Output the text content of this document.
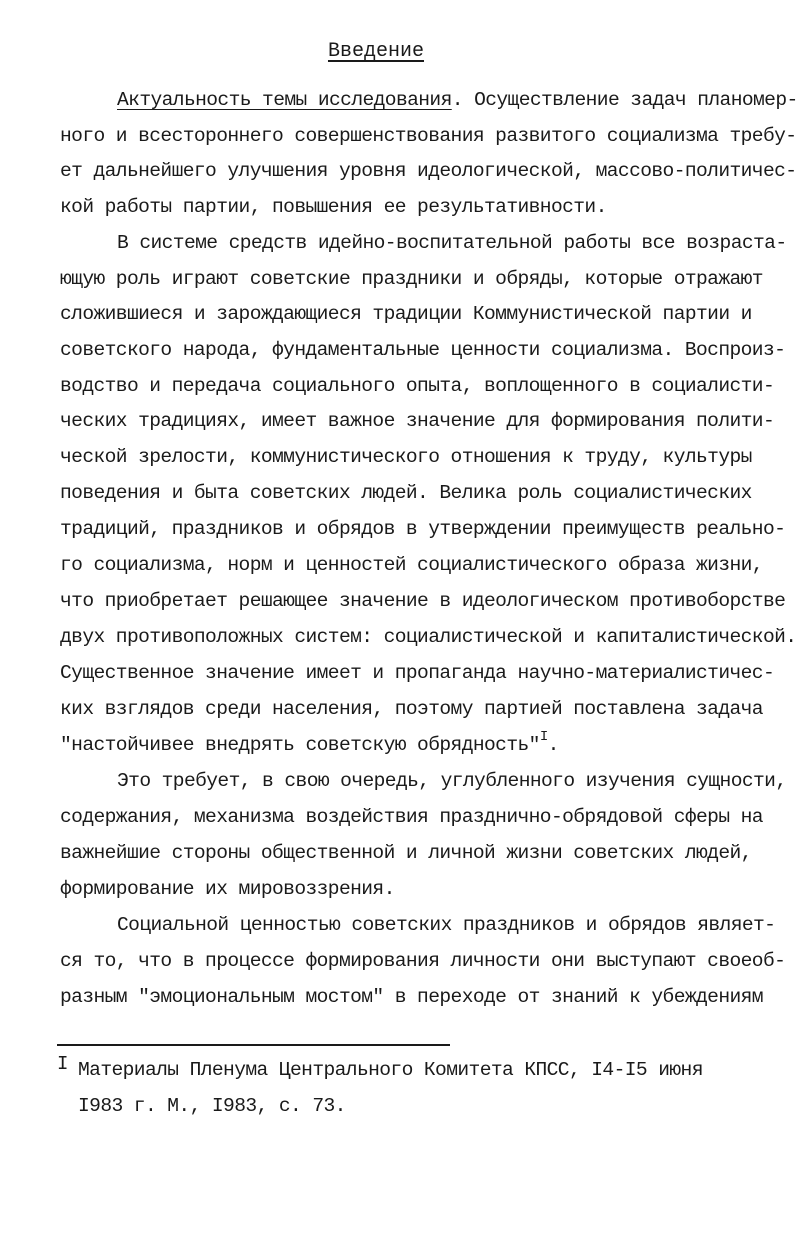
Введение
Актуальность темы исследования. Осуществление задач планомер-
ного и всестороннего совершенствования развитого социализма требу-
ет дальнейшего улучшения уровня идеологической, массово-политичес-
кой работы партии, повышения ее результативности.
В системе средств идейно-воспитательной работы все возраста-
ющую роль играют советские праздники и обряды, которые отражают
сложившиеся и зарождающиеся традиции Коммунистической партии и
советского народа, фундаментальные ценности социализма. Воспроиз-
водство и передача социального опыта, воплощенного в социалисти-
ческих традициях, имеет важное значение для формирования полити-
ческой зрелости, коммунистического отношения к труду, культуры
поведения и быта советских людей. Велика роль социалистических
традиций, праздников и обрядов в утверждении преимуществ реально-
го социализма, норм и ценностей социалистического образа жизни,
что приобретает решающее значение в идеологическом противоборстве
двух противоположных систем: социалистической и капиталистической.
Существенное значение имеет и пропаганда научно-материалистичес-
ких взглядов среди населения, поэтому партией поставлена задача
"настойчивее внедрять советскую обрядность"$^I$.
Это требует, в свою очередь, углубленного изучения сущности,
содержания, механизма воздействия празднично-обрядовой сферы на
важнейшие стороны общественной и личной жизни советских людей,
формирование их мировоззрения.
Социальной ценностью советских праздников и обрядов являет-
ся то, что в процессе формирования личности они выступают своеоб-
разным "эмоциональным мостом" в переходе от знаний к убеждениям
I Материалы Пленума Центрального Комитета КПСС, I4-I5 июня
I983 г. М., I983, с. 73.
